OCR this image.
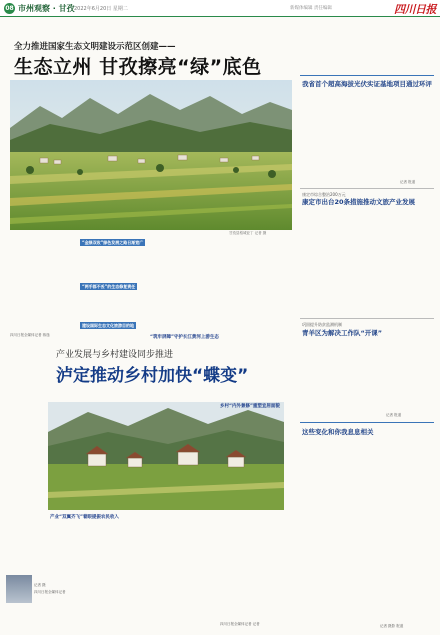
08 市州观察 · 甘孜 2022年6月20日 星期二	新媒体编辑 责任编辑	四川日报
全力推进国家生态文明建设示范区创建——
生态立州 甘孜擦亮“绿”底色
甘孜县稻城亚丁 记者 摄
“金绿双收”绿色发展之路日渐宽广
“两手都不丢”的生态修复责任
建设国际生态文化旅游目的地
四川日报全媒体记者 蒋逸	“筑牢屏障”守护长江黄河上游生态
我省首个超高海拔光伏实证基地项目通过环评
记者 报道
康定市综合整治200万元
康定市出台20条措施推动文旅产业发展
巩固提升防贫监测机制
青羊区为解决工作队“开课”
记者 报道
这些变化和你我息息相关
记者 摄影 报道
产业发展与乡村建设同步推进
泸定推动乡村加快“蝶变”
产业“双翼齐飞”着眼提振农民收入
乡村“内外兼修”重塑宜居面貌
四川日报全媒体记者 记者
记者 摄
四川日报全媒体记者
